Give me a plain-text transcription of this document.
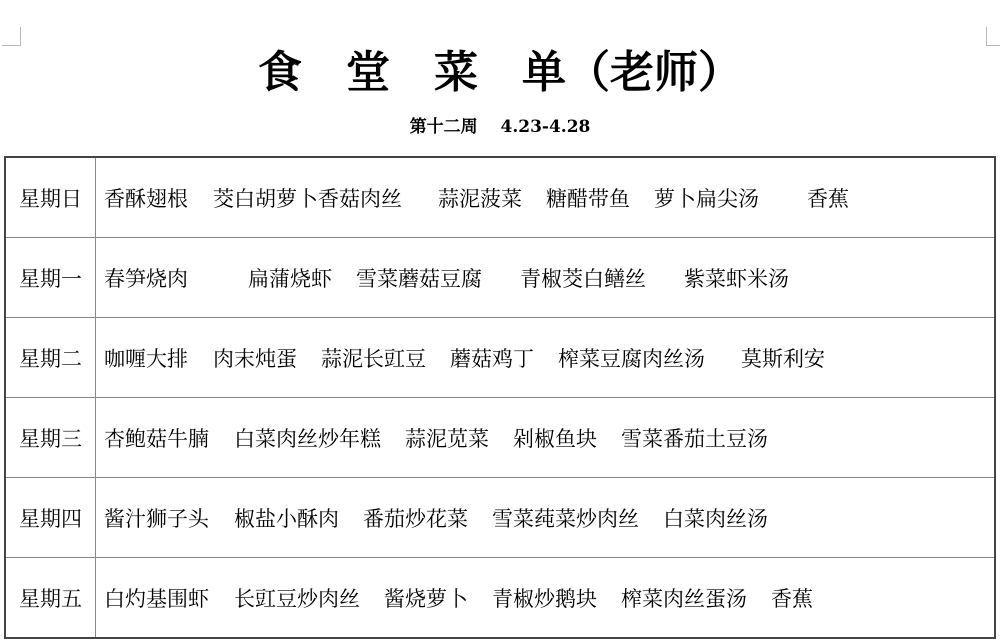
食　堂　菜　单（老师）
第十二周　 4.23-4.28
星期日	香酥翅根 茭白胡萝卜香菇肉丝 蒜泥菠菜 糖醋带鱼 萝卜扁尖汤 香蕉
星期一	春笋烧肉 扁蒲烧虾 雪菜蘑菇豆腐 青椒茭白鳝丝 紫菜虾米汤
星期二	咖喱大排 肉末炖蛋 蒜泥长豇豆 蘑菇鸡丁 榨菜豆腐肉丝汤 莫斯利安
星期三	杏鲍菇牛腩 白菜肉丝炒年糕 蒜泥苋菜 剁椒鱼块 雪菜番茄土豆汤
星期四	酱汁狮子头 椒盐小酥肉 番茄炒花菜 雪菜莼菜炒肉丝 白菜肉丝汤
星期五	白灼基围虾 长豇豆炒肉丝 酱烧萝卜 青椒炒鹅块 榨菜肉丝蛋汤 香蕉
